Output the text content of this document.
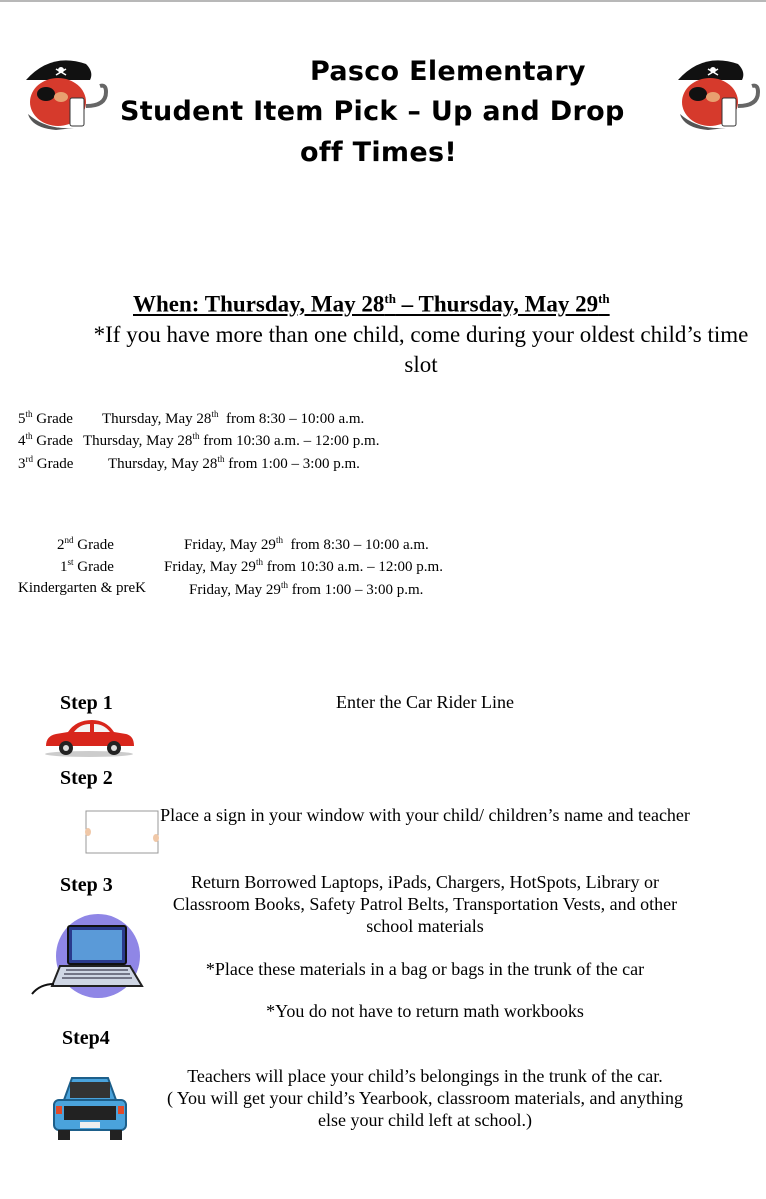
Pasco Elementary
Student Item Pick – Up and Drop
off Times!
When: Thursday, May 28th – Thursday, May 29th
*If you have more than one child, come during your oldest child’s time slot
5th Grade Thursday, May 28th from 8:30 – 10:00 a.m.
4th Grade Thursday, May 28th from 10:30 a.m. – 12:00 p.m.
3rd Grade Thursday, May 28th from 1:00 – 3:00 p.m.
2nd Grade	Friday, May 29th from 8:30 – 10:00 a.m.
1st Grade	Friday, May 29th from 10:30 a.m. – 12:00 p.m.
Kindergarten & preK	Friday, May 29th from 1:00 – 3:00 p.m.
Step 1	Enter the Car Rider Line
Step 2
Place a sign in your window with your child/ children’s name and teacher
Step 3	Return Borrowed Laptops, iPads, Chargers, HotSpots, Library or Classroom Books, Safety Patrol Belts, Transportation Vests, and other school materials
*Place these materials in a bag or bags in the trunk of the car
*You do not have to return math workbooks
Step4
Teachers will place your child’s belongings in the trunk of the car.
( You will get your child’s Yearbook, classroom materials, and anything else your child left at school.)
